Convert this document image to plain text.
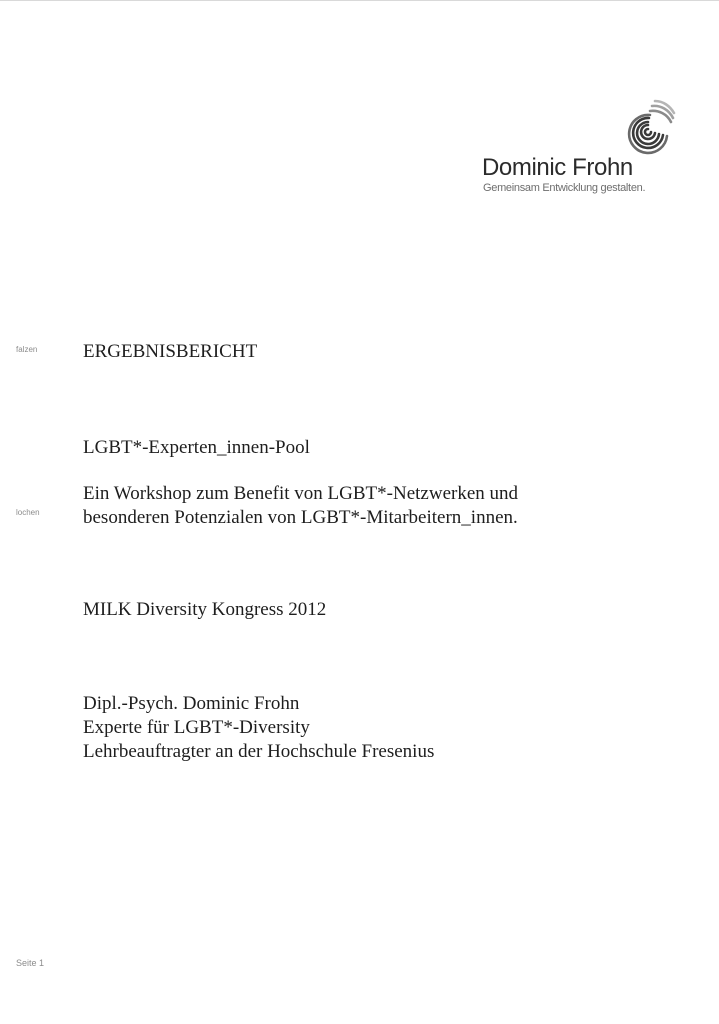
Dominic Frohn
Gemeinsam Entwicklung gestalten.
falzen
lochen
ERGEBNISBERICHT
LGBT*-Experten_innen-Pool
Ein Workshop zum Benefit von LGBT*-Netzwerken und
besonderen Potenzialen von LGBT*-Mitarbeitern_innen.
MILK Diversity Kongress 2012
Dipl.-Psych. Dominic Frohn
Experte für LGBT*-Diversity
Lehrbeauftragter an der Hochschule Fresenius
Seite 1
